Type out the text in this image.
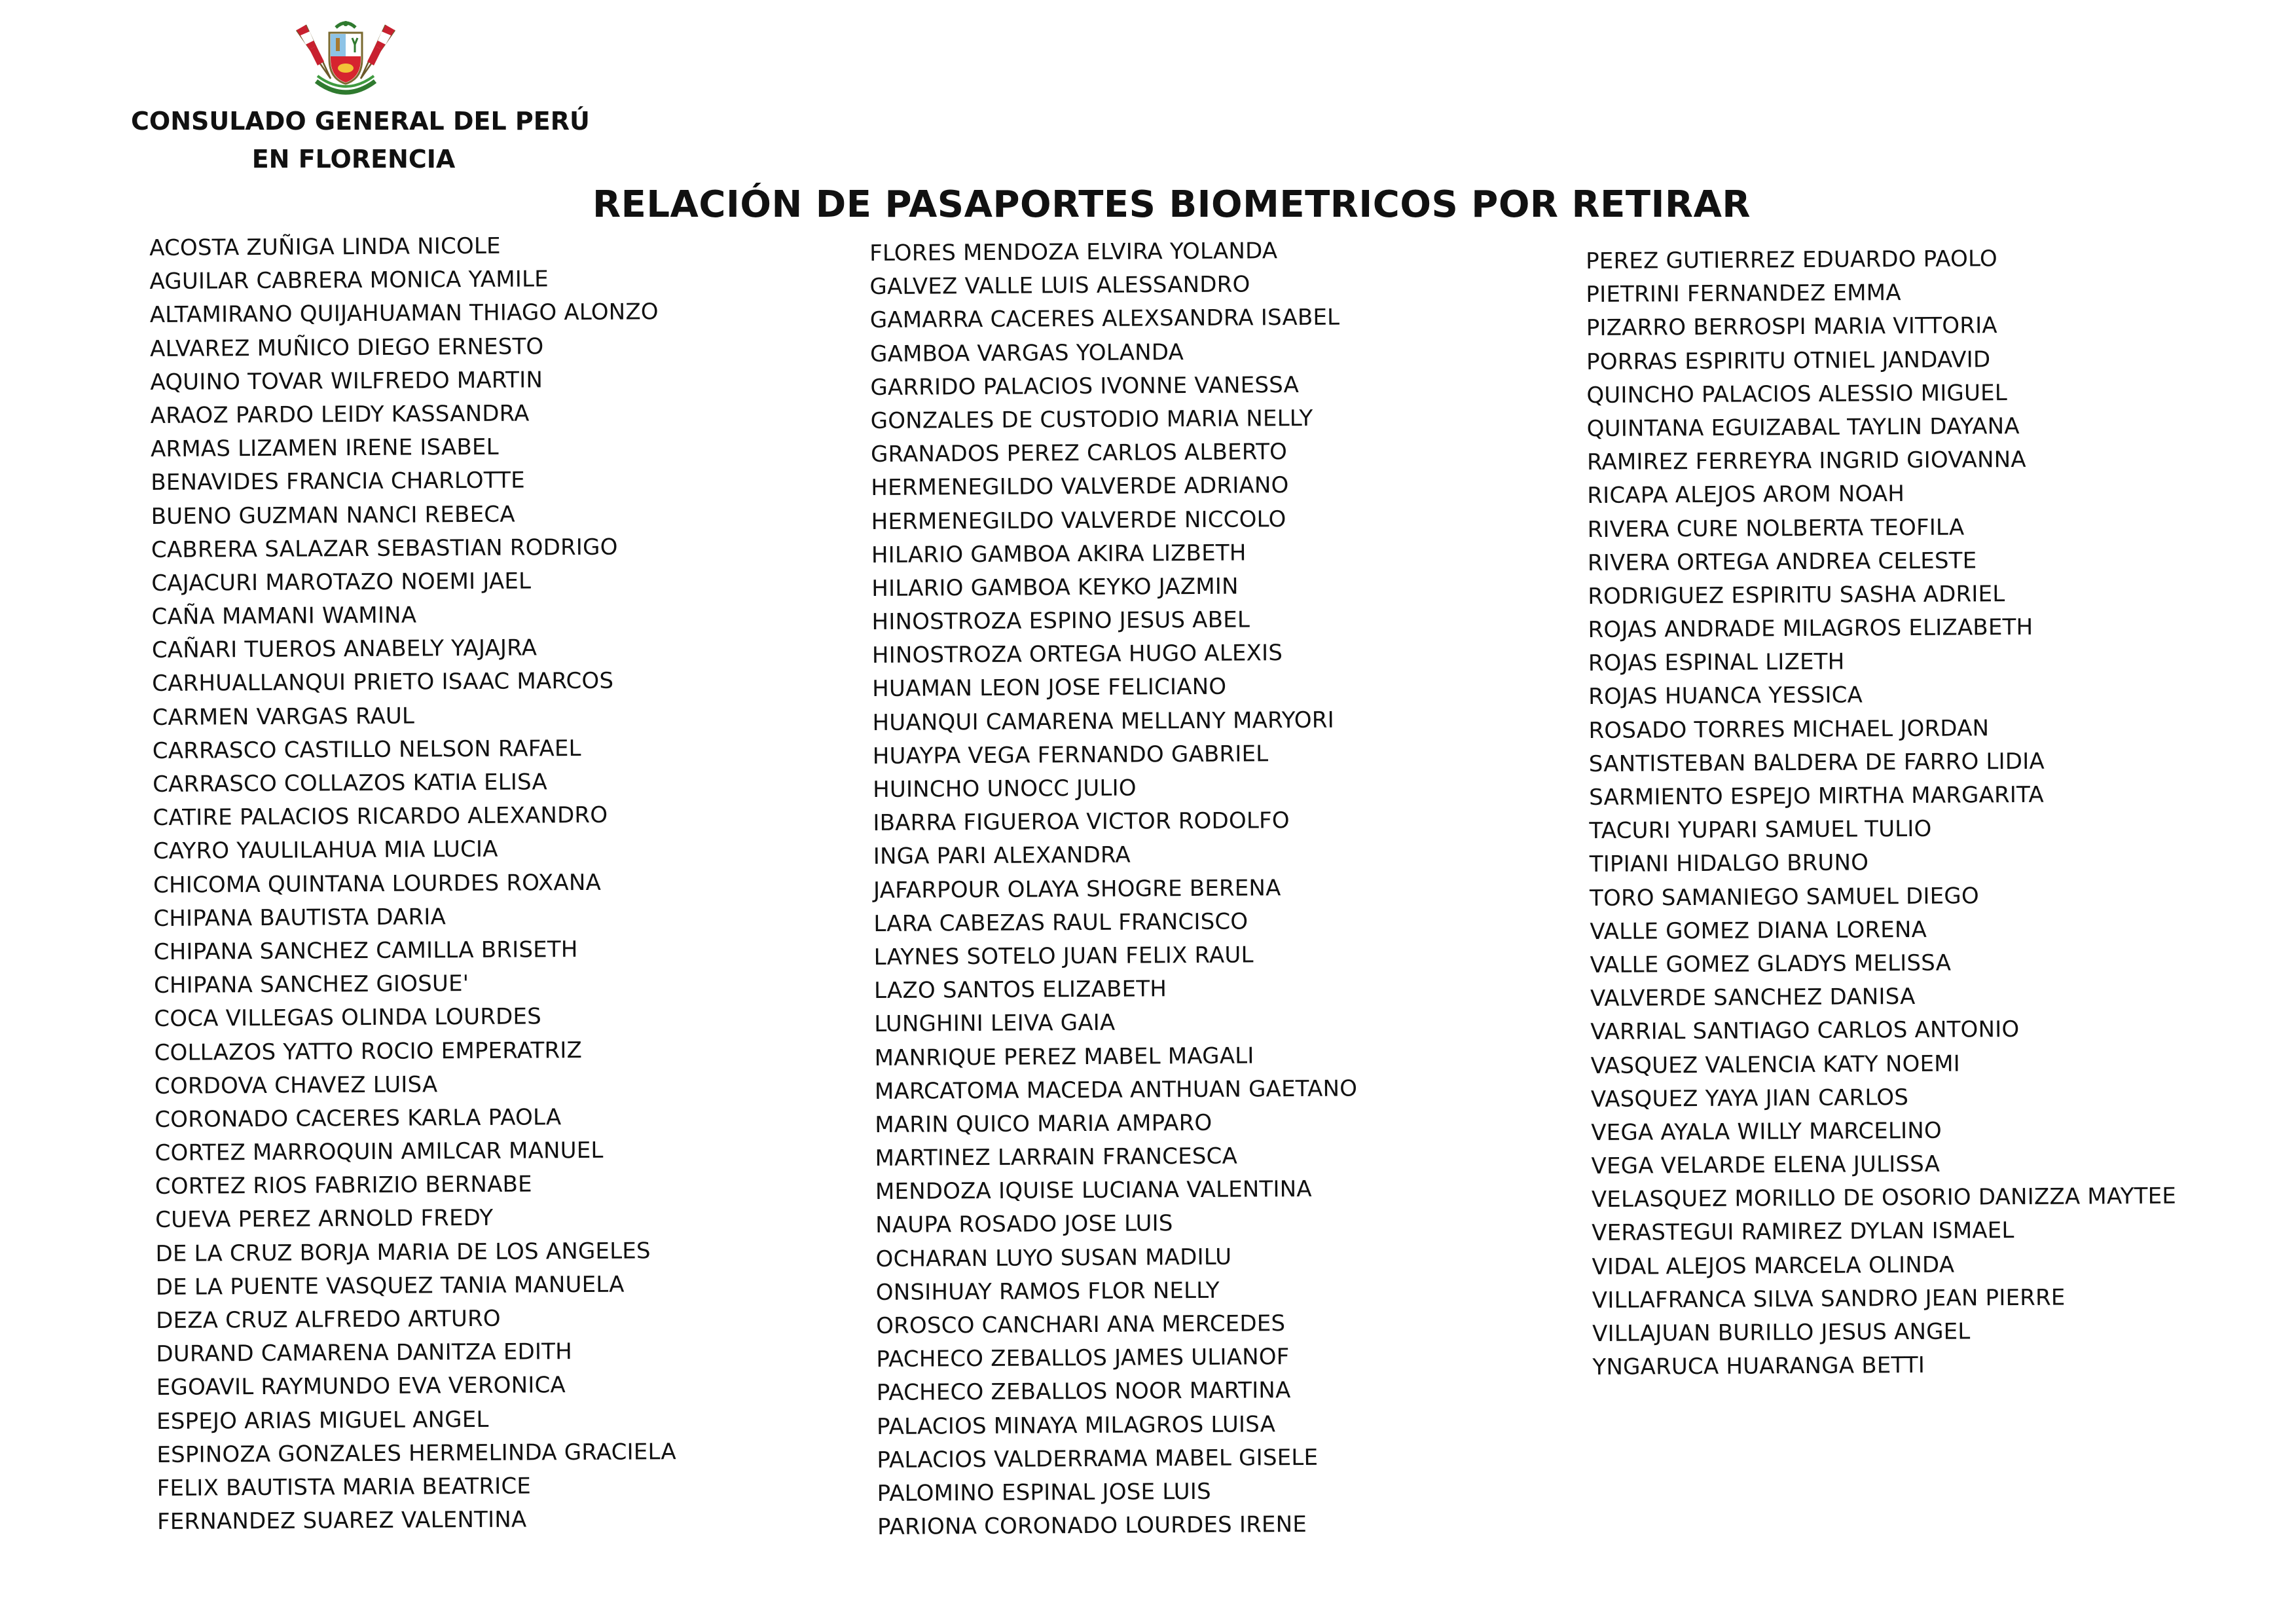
CONSULADO GENERAL DEL PERÚ
EN FLORENCIA
RELACIÓN DE PASAPORTES BIOMETRICOS POR RETIRAR
ACOSTA ZUÑIGA LINDA NICOLE
AGUILAR CABRERA MONICA YAMILE
ALTAMIRANO QUIJAHUAMAN THIAGO ALONZO
ALVAREZ MUÑICO DIEGO ERNESTO
AQUINO TOVAR WILFREDO MARTIN
ARAOZ PARDO LEIDY KASSANDRA
ARMAS LIZAMEN IRENE ISABEL
BENAVIDES FRANCIA CHARLOTTE
BUENO GUZMAN NANCI REBECA
CABRERA SALAZAR SEBASTIAN RODRIGO
CAJACURI MAROTAZO NOEMI JAEL
CAÑA MAMANI WAMINA
CAÑARI TUEROS ANABELY YAJAJRA
CARHUALLANQUI PRIETO ISAAC MARCOS
CARMEN VARGAS RAUL
CARRASCO CASTILLO NELSON RAFAEL
CARRASCO COLLAZOS KATIA ELISA
CATIRE PALACIOS RICARDO ALEXANDRO
CAYRO YAULILAHUA MIA LUCIA
CHICOMA QUINTANA LOURDES ROXANA
CHIPANA BAUTISTA DARIA
CHIPANA SANCHEZ CAMILLA BRISETH
CHIPANA SANCHEZ GIOSUE'
COCA VILLEGAS OLINDA LOURDES
COLLAZOS YATTO ROCIO EMPERATRIZ
CORDOVA CHAVEZ LUISA
CORONADO CACERES KARLA PAOLA
CORTEZ MARROQUIN AMILCAR MANUEL
CORTEZ RIOS FABRIZIO BERNABE
CUEVA PEREZ ARNOLD FREDY
DE LA CRUZ BORJA MARIA DE LOS ANGELES
DE LA PUENTE VASQUEZ TANIA MANUELA
DEZA CRUZ ALFREDO ARTURO
DURAND CAMARENA DANITZA EDITH
EGOAVIL RAYMUNDO EVA VERONICA
ESPEJO ARIAS MIGUEL ANGEL
ESPINOZA GONZALES HERMELINDA GRACIELA
FELIX BAUTISTA MARIA BEATRICE
FERNANDEZ SUAREZ VALENTINA
FLORES MENDOZA ELVIRA YOLANDA
GALVEZ VALLE LUIS ALESSANDRO
GAMARRA CACERES ALEXSANDRA ISABEL
GAMBOA VARGAS YOLANDA
GARRIDO PALACIOS IVONNE VANESSA
GONZALES DE CUSTODIO MARIA NELLY
GRANADOS PEREZ CARLOS ALBERTO
HERMENEGILDO VALVERDE ADRIANO
HERMENEGILDO VALVERDE NICCOLO
HILARIO GAMBOA AKIRA LIZBETH
HILARIO GAMBOA KEYKO JAZMIN
HINOSTROZA ESPINO JESUS ABEL
HINOSTROZA ORTEGA HUGO ALEXIS
HUAMAN LEON JOSE FELICIANO
HUANQUI CAMARENA MELLANY MARYORI
HUAYPA VEGA FERNANDO GABRIEL
HUINCHO UNOCC JULIO
IBARRA FIGUEROA VICTOR RODOLFO
INGA PARI ALEXANDRA
JAFARPOUR OLAYA SHOGRE BERENA
LARA CABEZAS RAUL FRANCISCO
LAYNES SOTELO JUAN FELIX RAUL
LAZO SANTOS ELIZABETH
LUNGHINI LEIVA GAIA
MANRIQUE PEREZ MABEL MAGALI
MARCATOMA MACEDA ANTHUAN GAETANO
MARIN QUICO MARIA AMPARO
MARTINEZ LARRAIN FRANCESCA
MENDOZA IQUISE LUCIANA VALENTINA
NAUPA ROSADO JOSE LUIS
OCHARAN LUYO SUSAN MADILU
ONSIHUAY RAMOS FLOR NELLY
OROSCO CANCHARI ANA MERCEDES
PACHECO ZEBALLOS JAMES ULIANOF
PACHECO ZEBALLOS NOOR MARTINA
PALACIOS MINAYA MILAGROS LUISA
PALACIOS VALDERRAMA MABEL GISELE
PALOMINO ESPINAL JOSE LUIS
PARIONA CORONADO LOURDES IRENE
PEREZ GUTIERREZ EDUARDO PAOLO
PIETRINI FERNANDEZ EMMA
PIZARRO BERROSPI MARIA VITTORIA
PORRAS ESPIRITU OTNIEL JANDAVID
QUINCHO PALACIOS ALESSIO MIGUEL
QUINTANA EGUIZABAL TAYLIN DAYANA
RAMIREZ FERREYRA INGRID GIOVANNA
RICAPA ALEJOS AROM NOAH
RIVERA CURE NOLBERTA TEOFILA
RIVERA ORTEGA ANDREA CELESTE
RODRIGUEZ ESPIRITU SASHA ADRIEL
ROJAS ANDRADE MILAGROS ELIZABETH
ROJAS ESPINAL LIZETH
ROJAS HUANCA YESSICA
ROSADO TORRES MICHAEL JORDAN
SANTISTEBAN BALDERA DE FARRO LIDIA
SARMIENTO ESPEJO MIRTHA MARGARITA
TACURI YUPARI SAMUEL TULIO
TIPIANI HIDALGO BRUNO
TORO SAMANIEGO SAMUEL DIEGO
VALLE GOMEZ DIANA LORENA
VALLE GOMEZ GLADYS MELISSA
VALVERDE SANCHEZ DANISA
VARRIAL SANTIAGO CARLOS ANTONIO
VASQUEZ VALENCIA KATY NOEMI
VASQUEZ YAYA JIAN CARLOS
VEGA AYALA WILLY MARCELINO
VEGA VELARDE ELENA JULISSA
VELASQUEZ MORILLO DE OSORIO DANIZZA MAYTEE
VERASTEGUI RAMIREZ DYLAN ISMAEL
VIDAL ALEJOS MARCELA OLINDA
VILLAFRANCA SILVA SANDRO JEAN PIERRE
VILLAJUAN BURILLO JESUS ANGEL
YNGARUCA HUARANGA BETTI
